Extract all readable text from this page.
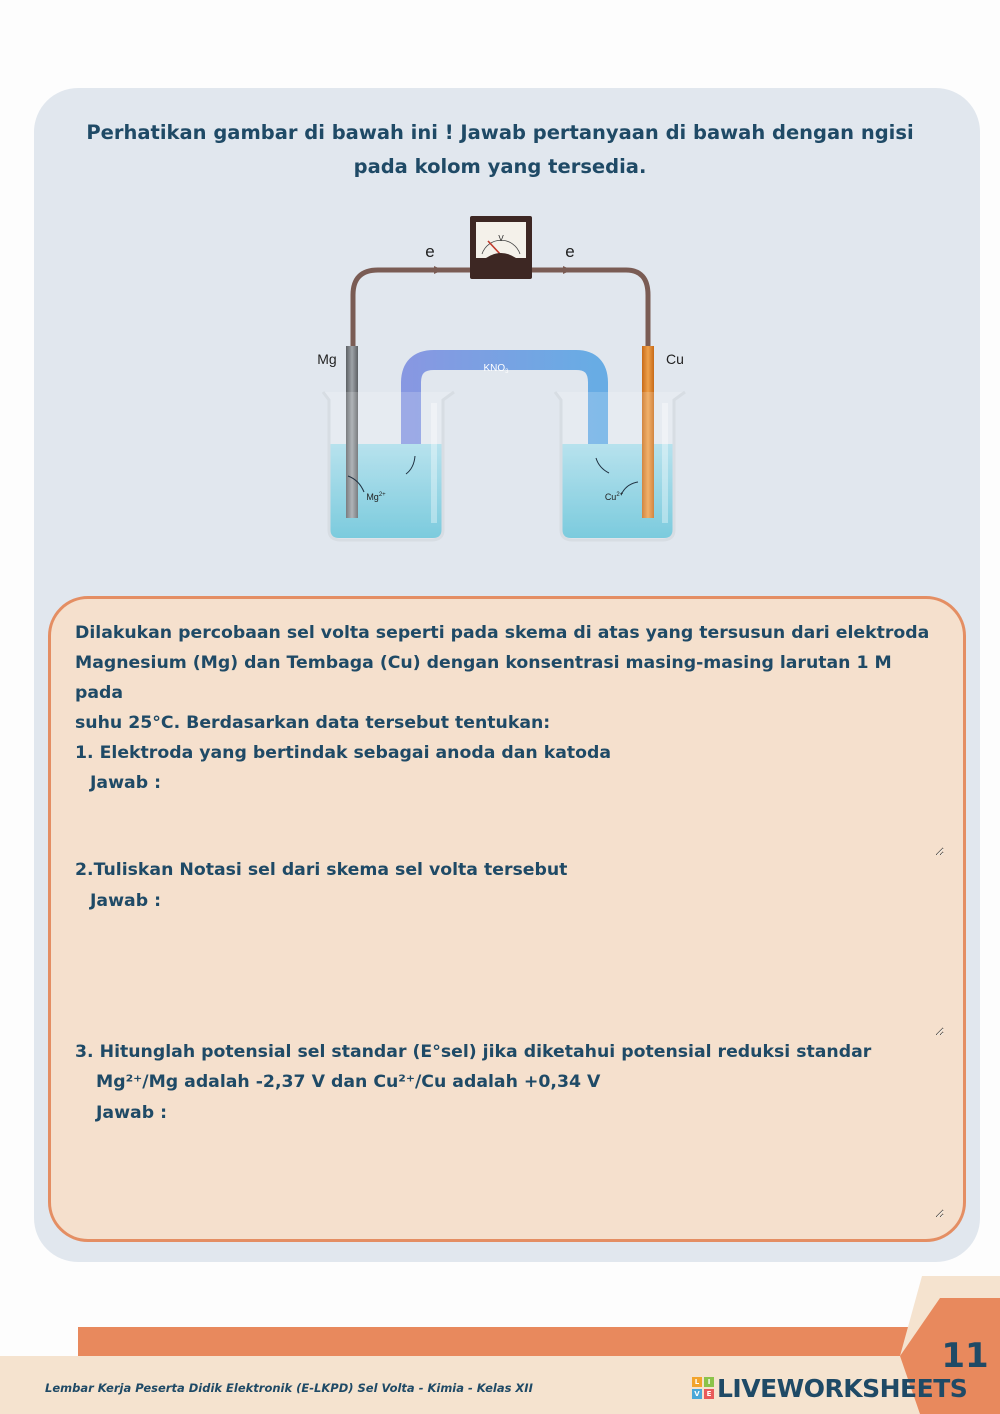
Perhatikan gambar di bawah ini ! Jawab pertanyaan di bawah dengan ngisi
pada kolom yang tersedia.
e	e
V
$KNO_3$
Mg	Cu
$Mg^{2+}$	$Cu^{2+}$
Dilakukan percobaan sel volta seperti pada skema di atas yang tersusun dari elektroda
Magnesium (Mg) dan Tembaga (Cu) dengan konsentrasi masing-masing larutan 1 M pada
suhu 25°C. Berdasarkan data tersebut tentukan:
1. Elektroda yang bertindak sebagai anoda dan katoda
Jawab :
2.Tuliskan Notasi sel dari skema sel volta tersebut
Jawab :
3. Hitunglah potensial sel standar (E°sel) jika diketahui potensial reduksi standar
Mg²⁺/Mg adalah -2,37 V dan Cu²⁺/Cu adalah +0,34 V
Jawab :
11
Lembar Kerja Peserta Didik Elektronik (E-LKPD) Sel Volta - Kimia - Kelas XII	L	I
V E LIVEWORKSHEETS
